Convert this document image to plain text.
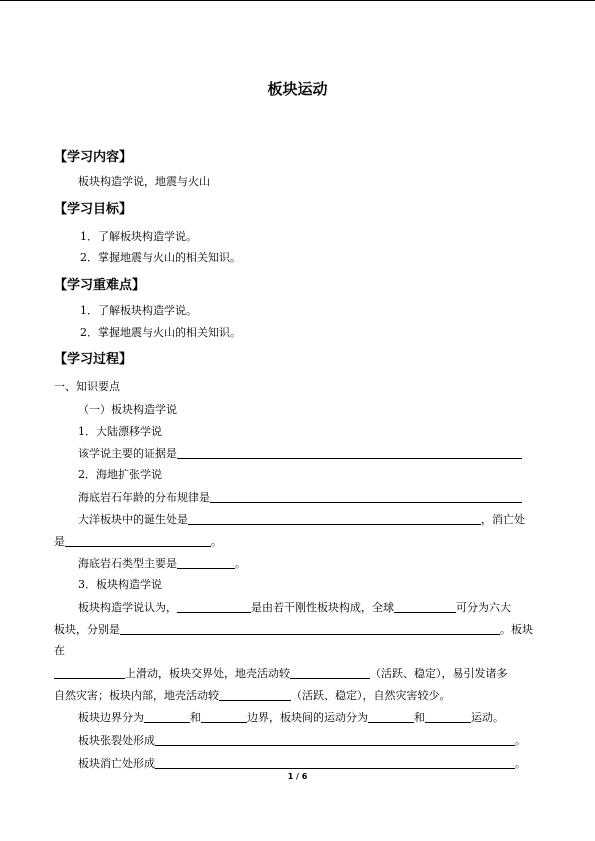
板块运动
【学习内容】
板块构造学说，地震与火山
【学习目标】
1．了解板块构造学说。
2．掌握地震与火山的相关知识。
【学习重难点】
1．了解板块构造学说。
2．掌握地震与火山的相关知识。
【学习过程】
一、知识要点
（一）板块构造学说
1．大陆漂移学说
该学说主要的证据是
2．海地扩张学说
海底岩石年龄的分布规律是
大洋板块中的诞生处是	，消亡处
是	。
海底岩石类型主要是	。
3．板块构造学说
板块构造学说认为，	是由若干刚性板块构成，全球	可分为六大
板块，分别是	。板块
在
上滑动，板块交界处，地壳活动较	（活跃、稳定），易引发诸多
自然灾害；板块内部，地壳活动较	（活跃、稳定），自然灾害较少。
板块边界分为	和	边界，板块间的运动分为	和	运动。
板块张裂处形成	。
板块消亡处形成	。
1 / 6
